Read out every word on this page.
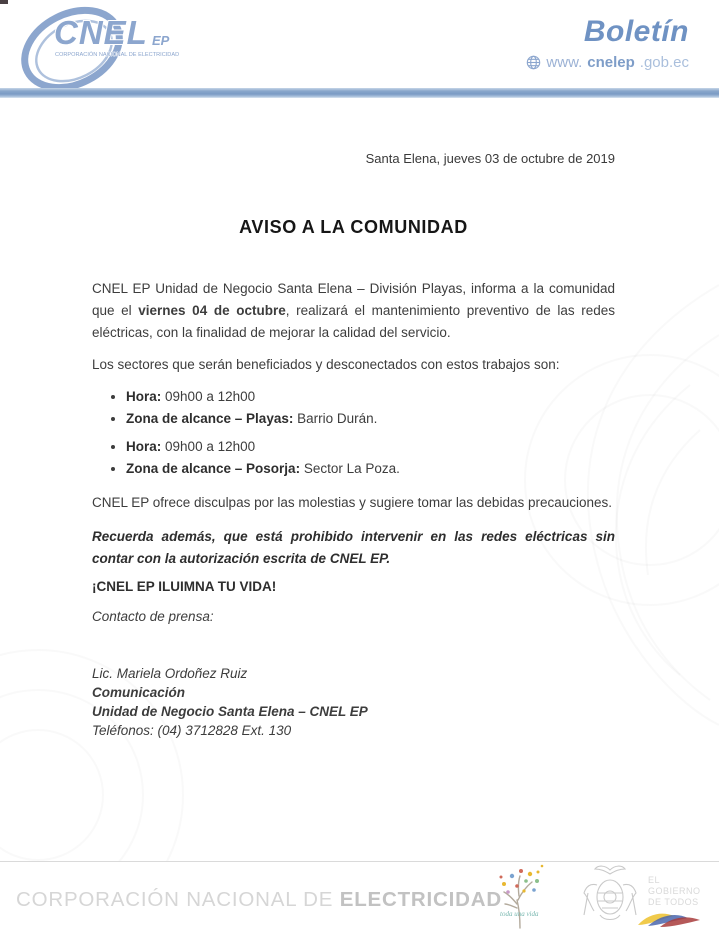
CNEL EP
CORPORACIÓN NACIONAL DE ELECTRICIDAD
Boletín
www. cnelep .gob.ec

Santa Elena, jueves 03 de octubre de 2019

AVISO A LA COMUNIDAD

CNEL EP Unidad de Negocio Santa Elena – División Playas, informa a la comunidad que el viernes 04 de octubre, realizará el mantenimiento preventivo de las redes eléctricas, con la finalidad de mejorar la calidad del servicio.

Los sectores que serán beneficiados y desconectados con estos trabajos son:

• Hora: 09h00 a 12h00
• Zona de alcance – Playas: Barrio Durán.
• Hora: 09h00 a 12h00
• Zona de alcance – Posorja: Sector La Poza.

CNEL EP ofrece disculpas por las molestias y sugiere tomar las debidas precauciones.

Recuerda además, que está prohibido intervenir en las redes eléctricas sin contar con la autorización escrita de CNEL EP.

¡CNEL EP ILUIMNA TU VIDA!

Contacto de prensa:

Lic. Mariela Ordoñez Ruiz
Comunicación
Unidad de Negocio Santa Elena – CNEL EP
Teléfonos: (04) 3712828 Ext. 130
CORPORACIÓN NACIONAL DE ELECTRICIDAD
toda una vida
EL
GOBIERNO
DE TODOS
